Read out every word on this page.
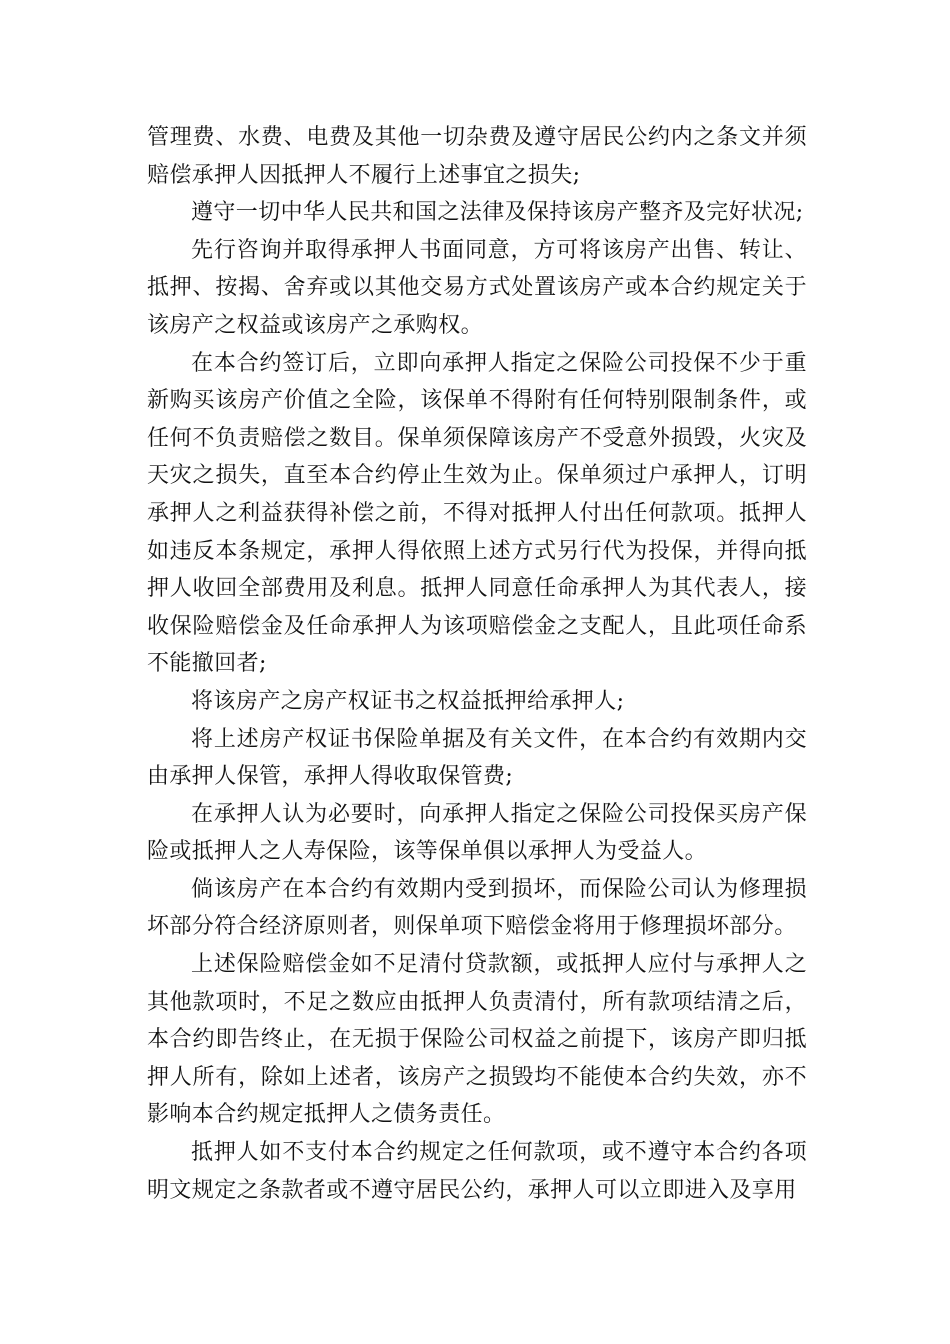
管理费、水费、电费及其他一切杂费及遵守居民公约内之条文并须赔偿承押人因抵押人不履行上述事宜之损失;

遵守一切中华人民共和国之法律及保持该房产整齐及完好状况;

先行咨询并取得承押人书面同意，方可将该房产出售、转让、抵押、按揭、舍弃或以其他交易方式处置该房产或本合约规定关于该房产之权益或该房产之承购权。

在本合约签订后，立即向承押人指定之保险公司投保不少于重新购买该房产价值之全险，该保单不得附有任何特别限制条件，或任何不负责赔偿之数目。保单须保障该房产不受意外损毁，火灾及天灾之损失，直至本合约停止生效为止。保单须过户承押人，订明承押人之利益获得补偿之前，不得对抵押人付出任何款项。抵押人如违反本条规定，承押人得依照上述方式另行代为投保，并得向抵押人收回全部费用及利息。抵押人同意任命承押人为其代表人，接收保险赔偿金及任命承押人为该项赔偿金之支配人，且此项任命系不能撤回者;

将该房产之房产权证书之权益抵押给承押人;

将上述房产权证书保险单据及有关文件，在本合约有效期内交由承押人保管，承押人得收取保管费;

在承押人认为必要时，向承押人指定之保险公司投保买房产保险或抵押人之人寿保险，该等保单俱以承押人为受益人。

倘该房产在本合约有效期内受到损坏，而保险公司认为修理损坏部分符合经济原则者，则保单项下赔偿金将用于修理损坏部分。

上述保险赔偿金如不足清付贷款额，或抵押人应付与承押人之其他款项时，不足之数应由抵押人负责清付，所有款项结清之后，本合约即告终止，在无损于保险公司权益之前提下，该房产即归抵押人所有，除如上述者，该房产之损毁均不能使本合约失效，亦不影响本合约规定抵押人之债务责任。

抵押人如不支付本合约规定之任何款项，或不遵守本合约各项明文规定之条款者或不遵守居民公约，承押人可以立即进入及享用
